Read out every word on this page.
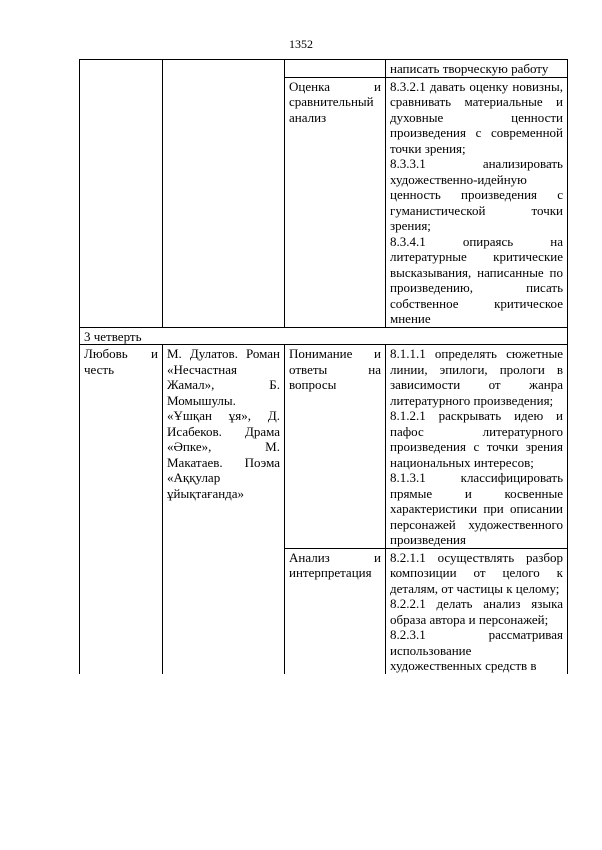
1352

			написать творческую работу

		Оценка и сравнительный анализ	8.3.2.1 давать оценку новизны, сравнивать материальные и духовные ценности произведения с современной точки зрения;

8.3.3.1 анализировать художественно-идейную ценность произведения с гуманистической точки зрения;

8.3.4.1 опираясь на литературные критические высказывания, написанные по произведению, писать собственное критическое мнение

3 четверть			
Любовь и честь	М. Дулатов. Роман «Несчастная Жамал», Б. Момышулы. «Ұшқан ұя», Д. Исабеков. Драма «Әпке», М. Макатаев. Поэма «Аққулар ұйықтағанда»	Понимание и ответы на вопросы	8.1.1.1 определять сюжетные линии, эпилоги, прологи в зависимости от жанра литературного произведения;

8.1.2.1 раскрывать идею и пафос литературного произведения с точки зрения национальных интересов;

8.1.3.1 классифицировать прямые и косвенные характеристики при описании персонажей художественного произведения

		Анализ и интерпретация	8.2.1.1 осуществлять разбор композиции от целого к деталям, от частицы к целому;

8.2.2.1 делать анализ языка образа автора и персонажей;

8.2.3.1 рассматривая использование художественных средств в
